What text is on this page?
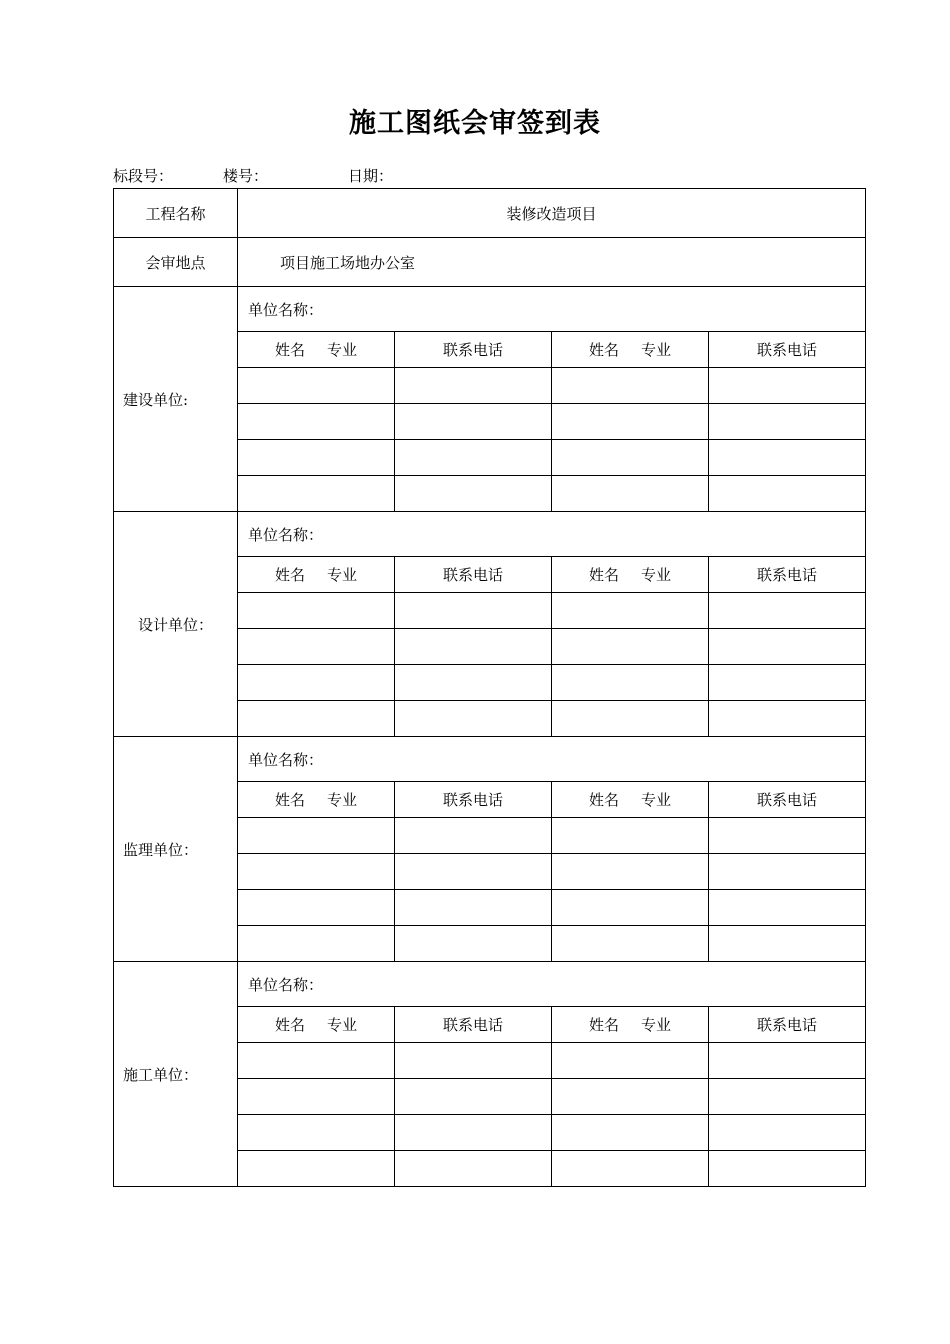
施工图纸会审签到表
标段号：	楼号：	日期：
工程名称	装修改造项目			
会审地点	项目施工场地办公室			
建设单位:	单位名称：			
	姓名 专业	联系电话	姓名 专业	联系电话

设计单位：	单位名称：			
	姓名 专业	联系电话	姓名 专业	联系电话

监理单位：	单位名称：			
	姓名 专业	联系电话	姓名 专业	联系电话

施工单位：	单位名称：			
	姓名 专业	联系电话	姓名 专业	联系电话
